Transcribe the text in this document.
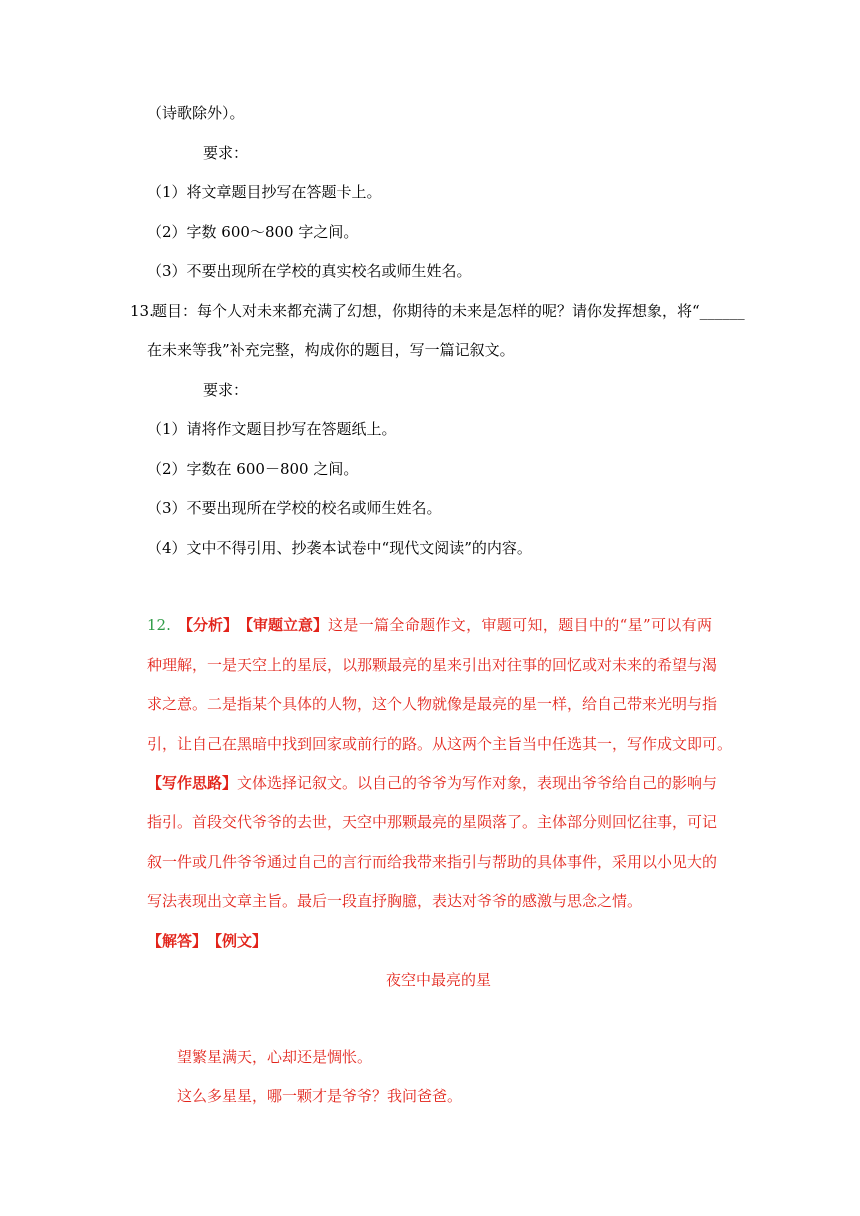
（诗歌除外）。
要求：
（1）将文章题目抄写在答题卡上。
（2）字数 600～800 字之间。
（3）不要出现所在学校的真实校名或师生姓名。
13.
题目：每个人对未来都充满了幻想，你期待的未来是怎样的呢？请你发挥想象，将“______
在未来等我”补充完整，构成你的题目，写一篇记叙文。
要求：
（1）请将作文题目抄写在答题纸上。
（2）字数在 600－800 之间。
（3）不要出现所在学校的校名或师生姓名。
（4）文中不得引用、抄袭本试卷中“现代文阅读”的内容。
12. 【分析】 【审题立意】 这是一篇全命题作文，审题可知，题目中的“星”可以有两
种理解，一是天空上的星辰，以那颗最亮的星来引出对往事的回忆或对未来的希望与渴
求之意。二是指某个具体的人物，这个人物就像是最亮的星一样，给自己带来光明与指
引，让自己在黑暗中找到回家或前行的路。从这两个主旨当中任选其一，写作成文即可。
【写作思路】 文体选择记叙文。以自己的爷爷为写作对象，表现出爷爷给自己的影响与
指引。首段交代爷爷的去世，天空中那颗最亮的星陨落了。主体部分则回忆往事，可记
叙一件或几件爷爷通过自己的言行而给我带来指引与帮助的具体事件，采用以小见大的
写法表现出文章主旨。最后一段直抒胸臆，表达对爷爷的感激与思念之情。
【解答】 【例文】
夜空中最亮的星
望繁星满天，心却还是惆怅。
这么多星星，哪一颗才是爷爷？我问爸爸。
